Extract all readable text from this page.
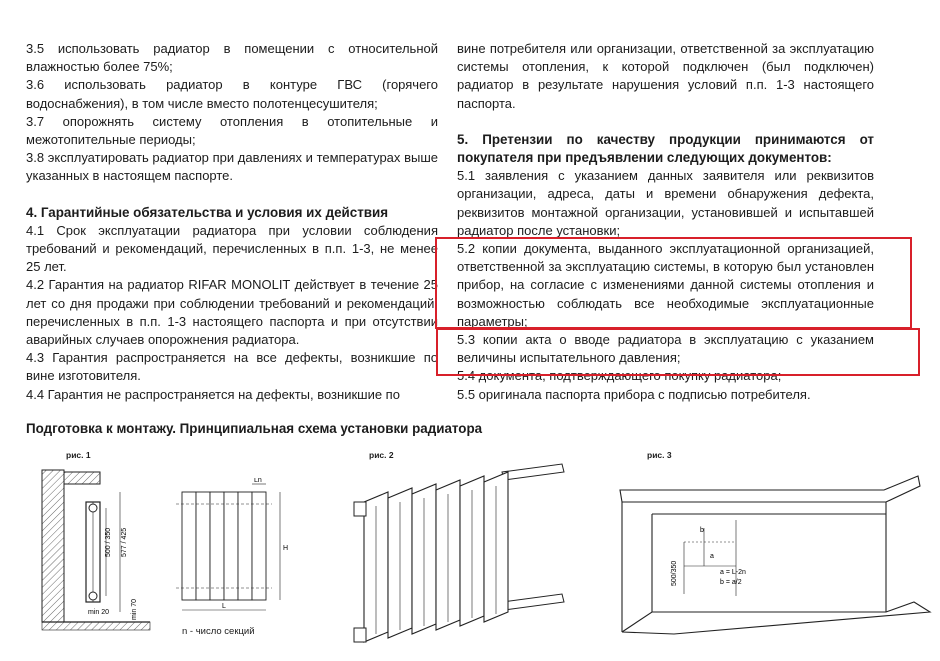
3.5 использовать радиатор в помещении с относительной влажностью более 75%;

3.6 использовать радиатор в контуре ГВС (горячего водоснабжения), в том числе вместо полотенцесушителя;

3.7 опорожнять систему отопления в отопительные и межотопительные периоды;

3.8 эксплуатировать радиатор при давлениях и температурах выше указанных в настоящем паспорте.

4. Гарантийные обязательства и условия их действия

4.1 Срок эксплуатации радиатора при условии соблюдения требований и рекомендаций, перечисленных в п.п. 1-3, не менее 25 лет.

4.2 Гарантия на радиатор RIFAR MONOLIT действует в течение 25 лет со дня продажи при соблюдении требований и рекомендаций, перечисленных в п.п. 1-3 настоящего паспорта и при отсутствии аварийных случаев опорожнения радиатора.

4.3 Гарантия распространяется на все дефекты, возникшие по вине изготовителя.

4.4 Гарантия не распространяется на дефекты, возникшие по

вине потребителя или организации, ответственной за эксплуатацию системы отопления, к которой подключен (был подключен) радиатор в результате нарушения условий п.п. 1-3 настоящего паспорта.

5. Претензии по качеству продукции принимаются от покупателя при предъявлении следующих документов:

5.1 заявления с указанием данных заявителя или реквизитов организации, адреса, даты и времени обнаружения дефекта, реквизитов монтажной организации, установившей и испытавшей радиатор после установки;

5.2 копии документа, выданного эксплуатационной организацией, ответственной за эксплуатацию системы, в которую был установлен прибор, на согласие с изменениями данной системы отопления и возможностью соблюдать все необходимые эксплуатационные параметры;

5.3 копии акта о вводе радиатора в эксплуатацию с указанием величины испытательного давления;

5.4 документа, подтверждающего покупку радиатора;

5.5 оригинала паспорта прибора с подписью потребителя.

Подготовка к монтажу. Принципиальная схема установки радиатора
рис. 1
500 / 350 577 / 425
min 20	min 70
Ln
H
L
n - число секций
рис. 2	рис. 3
500/350
b
a
a = L-2n
b = a/2
